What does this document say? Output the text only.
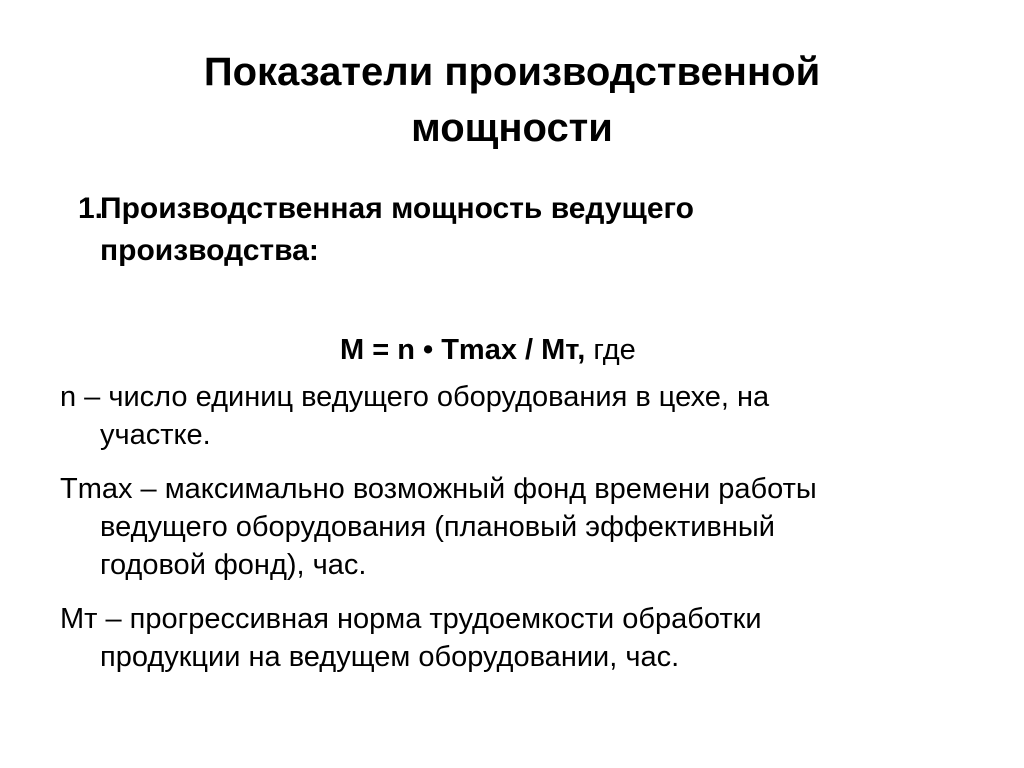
Показатели производственной
мощности
1.
Производственная мощность ведущего
производства:
М = n • Тmax / Мт, где
n – число единиц ведущего оборудования в цехе, на
участке.
Тmax – максимально возможный фонд времени работы
ведущего оборудования (плановый эффективный
годовой фонд), час.
Мт – прогрессивная норма трудоемкости обработки
продукции на ведущем оборудовании, час.
